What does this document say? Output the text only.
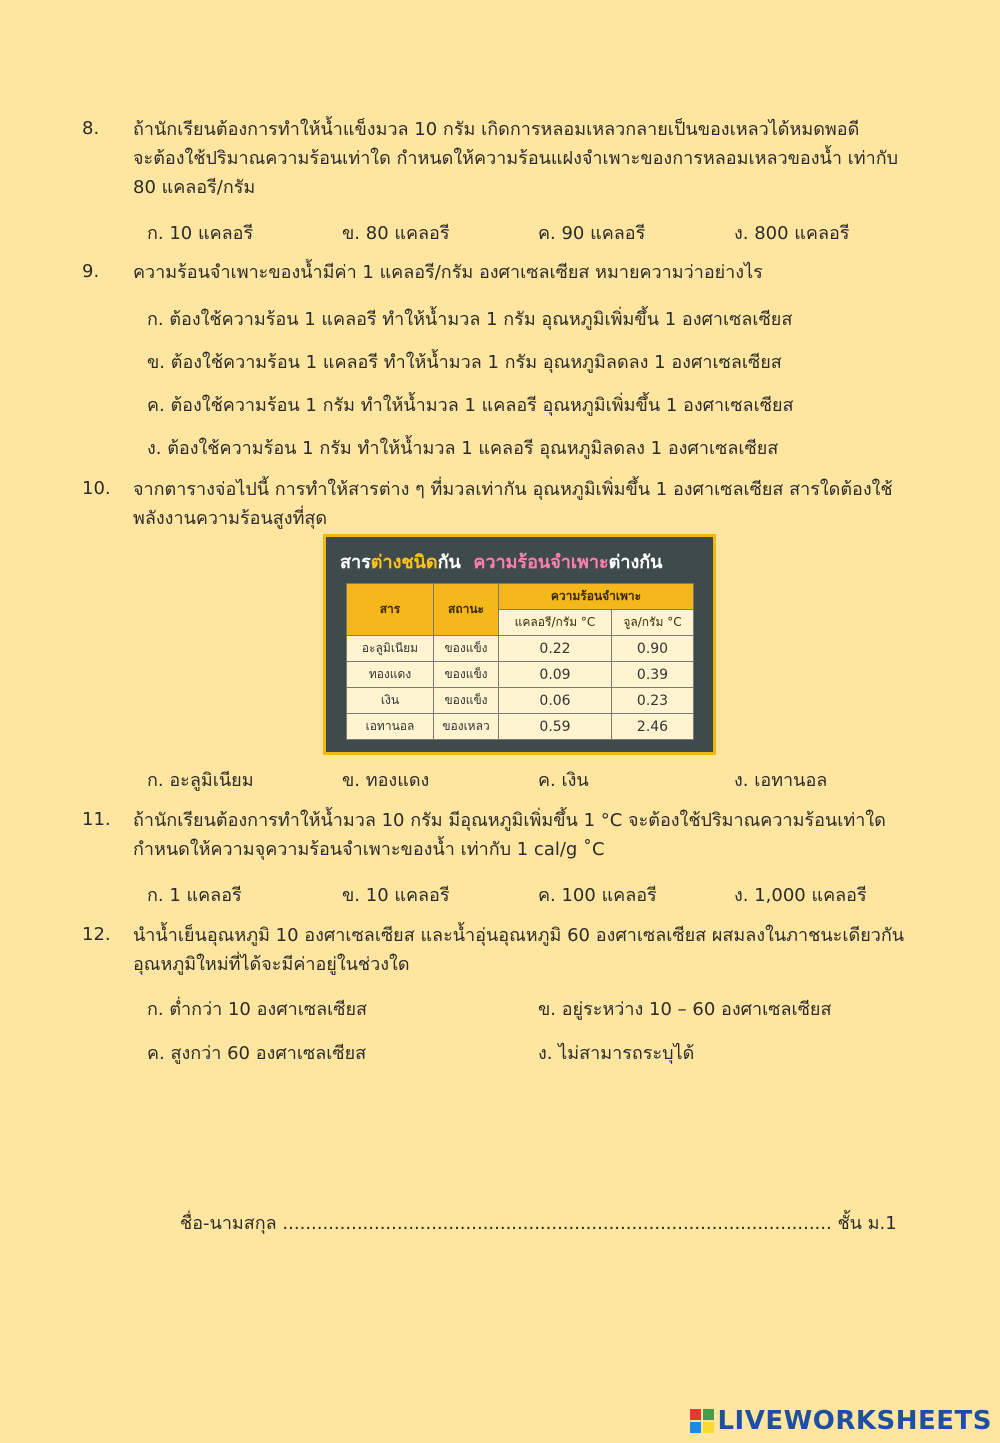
8. ถ้านักเรียนต้องการทำให้น้ำแข็งมวล 10 กรัม เกิดการหลอมเหลวกลายเป็นของเหลวได้หมดพอดี
จะต้องใช้ปริมาณความร้อนเท่าใด กำหนดให้ความร้อนแฝงจำเพาะของการหลอมเหลวของน้ำ เท่ากับ
80 แคลอรี/กรัม
ก. 10 แคลอรี	ข. 80 แคลอรี	ค. 90 แคลอรี	ง. 800 แคลอรี
9. ความร้อนจำเพาะของน้ำมีค่า 1 แคลอรี/กรัม องศาเซลเซียส หมายความว่าอย่างไร
ก. ต้องใช้ความร้อน 1 แคลอรี ทำให้น้ำมวล 1 กรัม อุณหภูมิเพิ่มขึ้น 1 องศาเซลเซียส
ข. ต้องใช้ความร้อน 1 แคลอรี ทำให้น้ำมวล 1 กรัม อุณหภูมิลดลง 1 องศาเซลเซียส
ค. ต้องใช้ความร้อน 1 กรัม ทำให้น้ำมวล 1 แคลอรี อุณหภูมิเพิ่มขึ้น 1 องศาเซลเซียส
ง. ต้องใช้ความร้อน 1 กรัม ทำให้น้ำมวล 1 แคลอรี อุณหภูมิลดลง 1 องศาเซลเซียส
10. จากตารางจ่อไปนี้ การทำให้สารต่าง ๆ ที่มวลเท่ากัน อุณหภูมิเพิ่มขึ้น 1 องศาเซลเซียส สารใดต้องใช้
พลังงานความร้อนสูงที่สุด
สารต่างชนิดกัน ความร้อนจำเพาะต่างกัน
สาร	สถานะ	ความร้อนจำเพาะ	
		แคลอรี/กรัม °C	จูล/กรัม °C
อะลูมิเนียม	ของแข็ง	0.22	0.90
ทองแดง	ของแข็ง	0.09	0.39
เงิน	ของแข็ง	0.06	0.23
เอทานอล	ของเหลว	0.59	2.46
ก. อะลูมิเนียม	ข. ทองแดง	ค. เงิน	ง. เอทานอล
11. ถ้านักเรียนต้องการทำให้น้ำมวล 10 กรัม มีอุณหภูมิเพิ่มขึ้น 1 °C จะต้องใช้ปริมาณความร้อนเท่าใด
กำหนดให้ความจุความร้อนจำเพาะของน้ำ เท่ากับ 1 cal/g ˚C
ก. 1 แคลอรี	ข. 10 แคลอรี	ค. 100 แคลอรี	ง. 1,000 แคลอรี
12. นำน้ำเย็นอุณหภูมิ 10 องศาเซลเซียส และน้ำอุ่นอุณหภูมิ 60 องศาเซลเซียส ผสมลงในภาชนะเดียวกัน
อุณหภูมิใหม่ที่ได้จะมีค่าอยู่ในช่วงใด
ก. ต่ำกว่า 10 องศาเซลเซียส	ข. อยู่ระหว่าง 10 – 60 องศาเซลเซียส
ค. สูงกว่า 60 องศาเซลเซียส	ง. ไม่สามารถระบุได้
ชื่อ-นามสกุล ................................................................................................ ชั้น ม.1
LIVEWORKSHEETS
